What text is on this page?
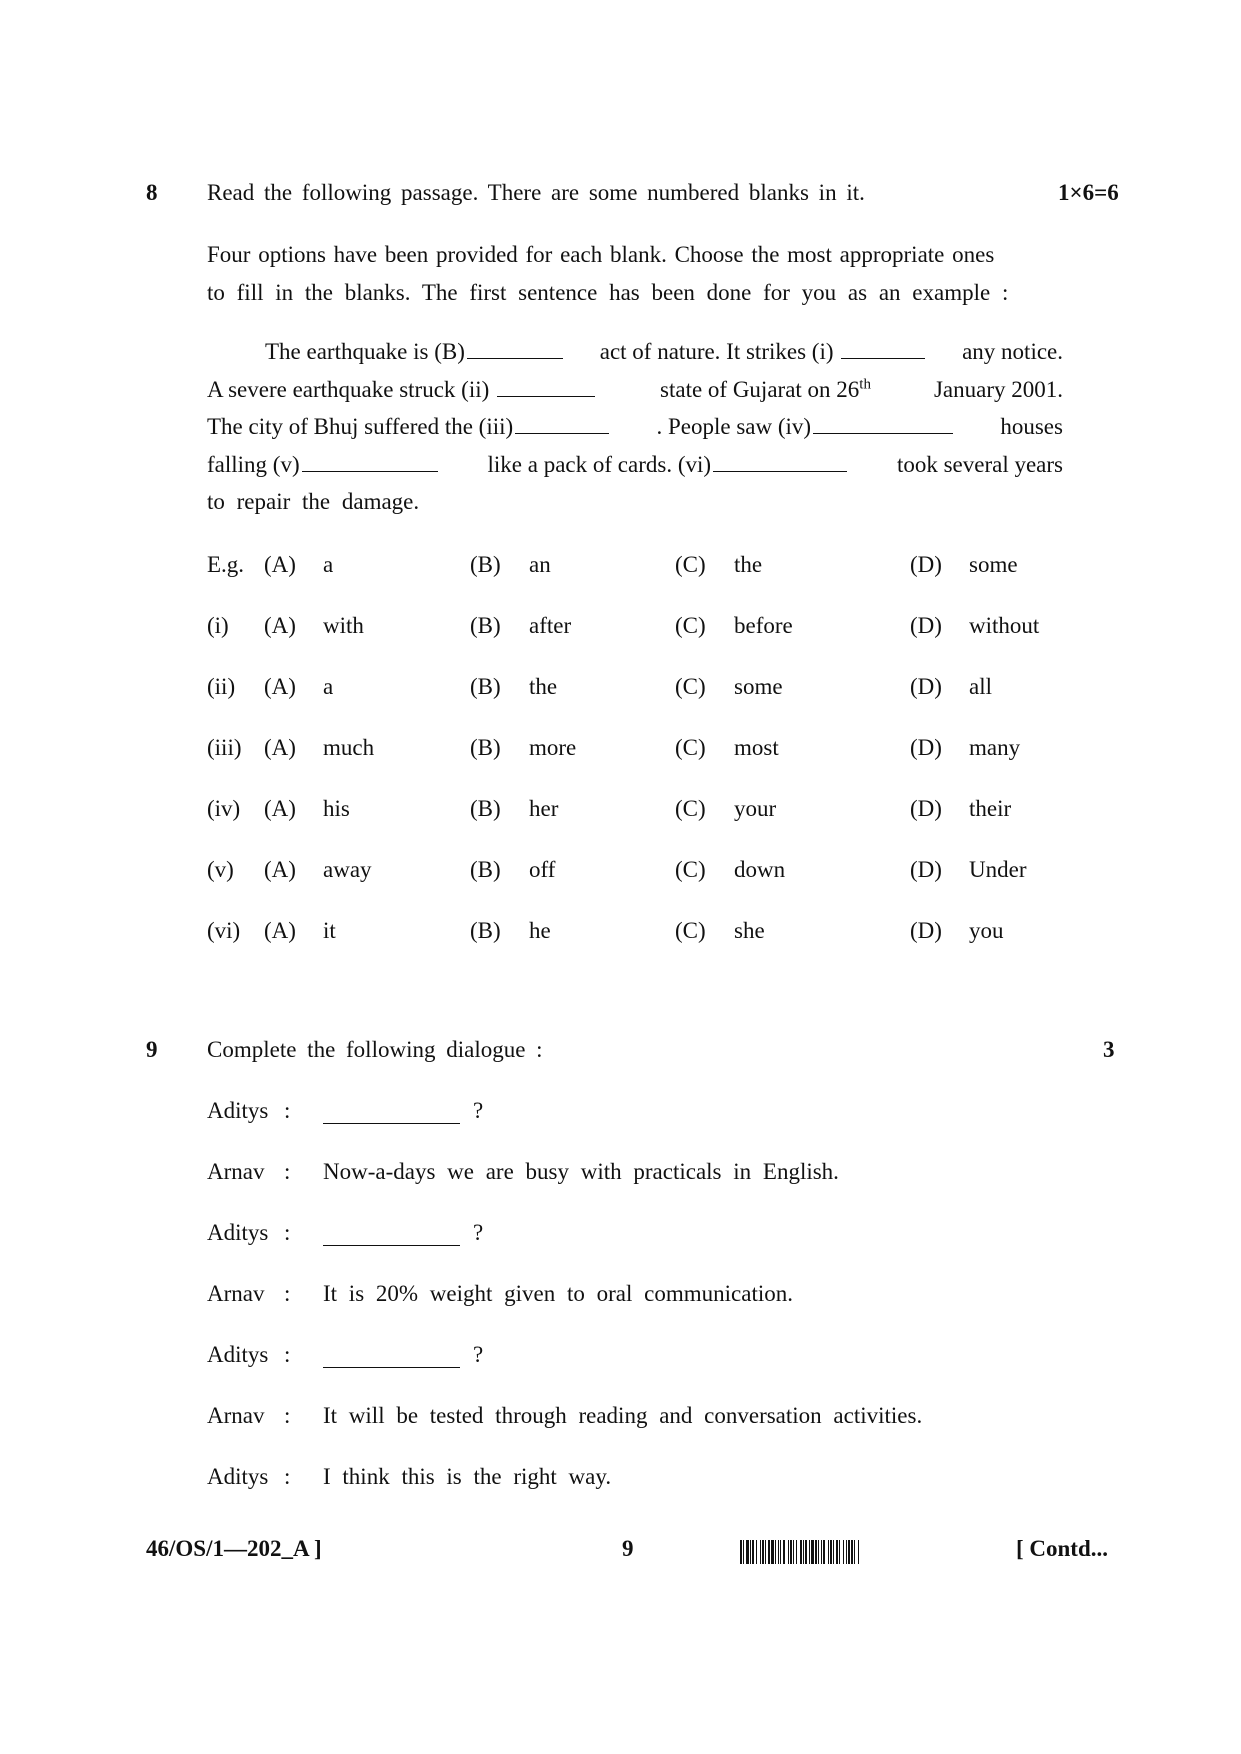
8 Read the following passage. There are some numbered blanks in it.	1×6=6
Four options have been provided for each blank. Choose the most appropriate ones
to fill in the blanks. The first sentence has been done for you as an example :
The earthquake is (B)	act of nature. It strikes (i)	any notice.
A severe earthquake struck (ii)	state of Gujarat on 26th	January 2001.
The city of Bhuj suffered the (iii)	. People saw (iv)	houses
falling (v)	like a pack of cards. (vi)	took several years
to repair the damage.
E.g. (A) a	(B) an	(C) the	(D) some
(i) (A) with	(B) after	(C) before	(D) without
(ii) (A) a	(B) the	(C) some	(D) all
(iii) (A) much	(B) more	(C) most	(D) many
(iv) (A) his	(B) her	(C) your	(D) their
(v) (A) away	(B) off	(C) down	(D) Under
(vi) (A) it	(B) he	(C) she	(D) you
9 Complete the following dialogue :	3
Aditys :	?
Arnav : Now-a-days we are busy with practicals in English.
Aditys :	?
Arnav : It is 20% weight given to oral communication.
Aditys :	?
Arnav : It will be tested through reading and conversation activities.
Aditys : I think this is the right way.
46/OS/1—202_A ]	9	[ Contd...
